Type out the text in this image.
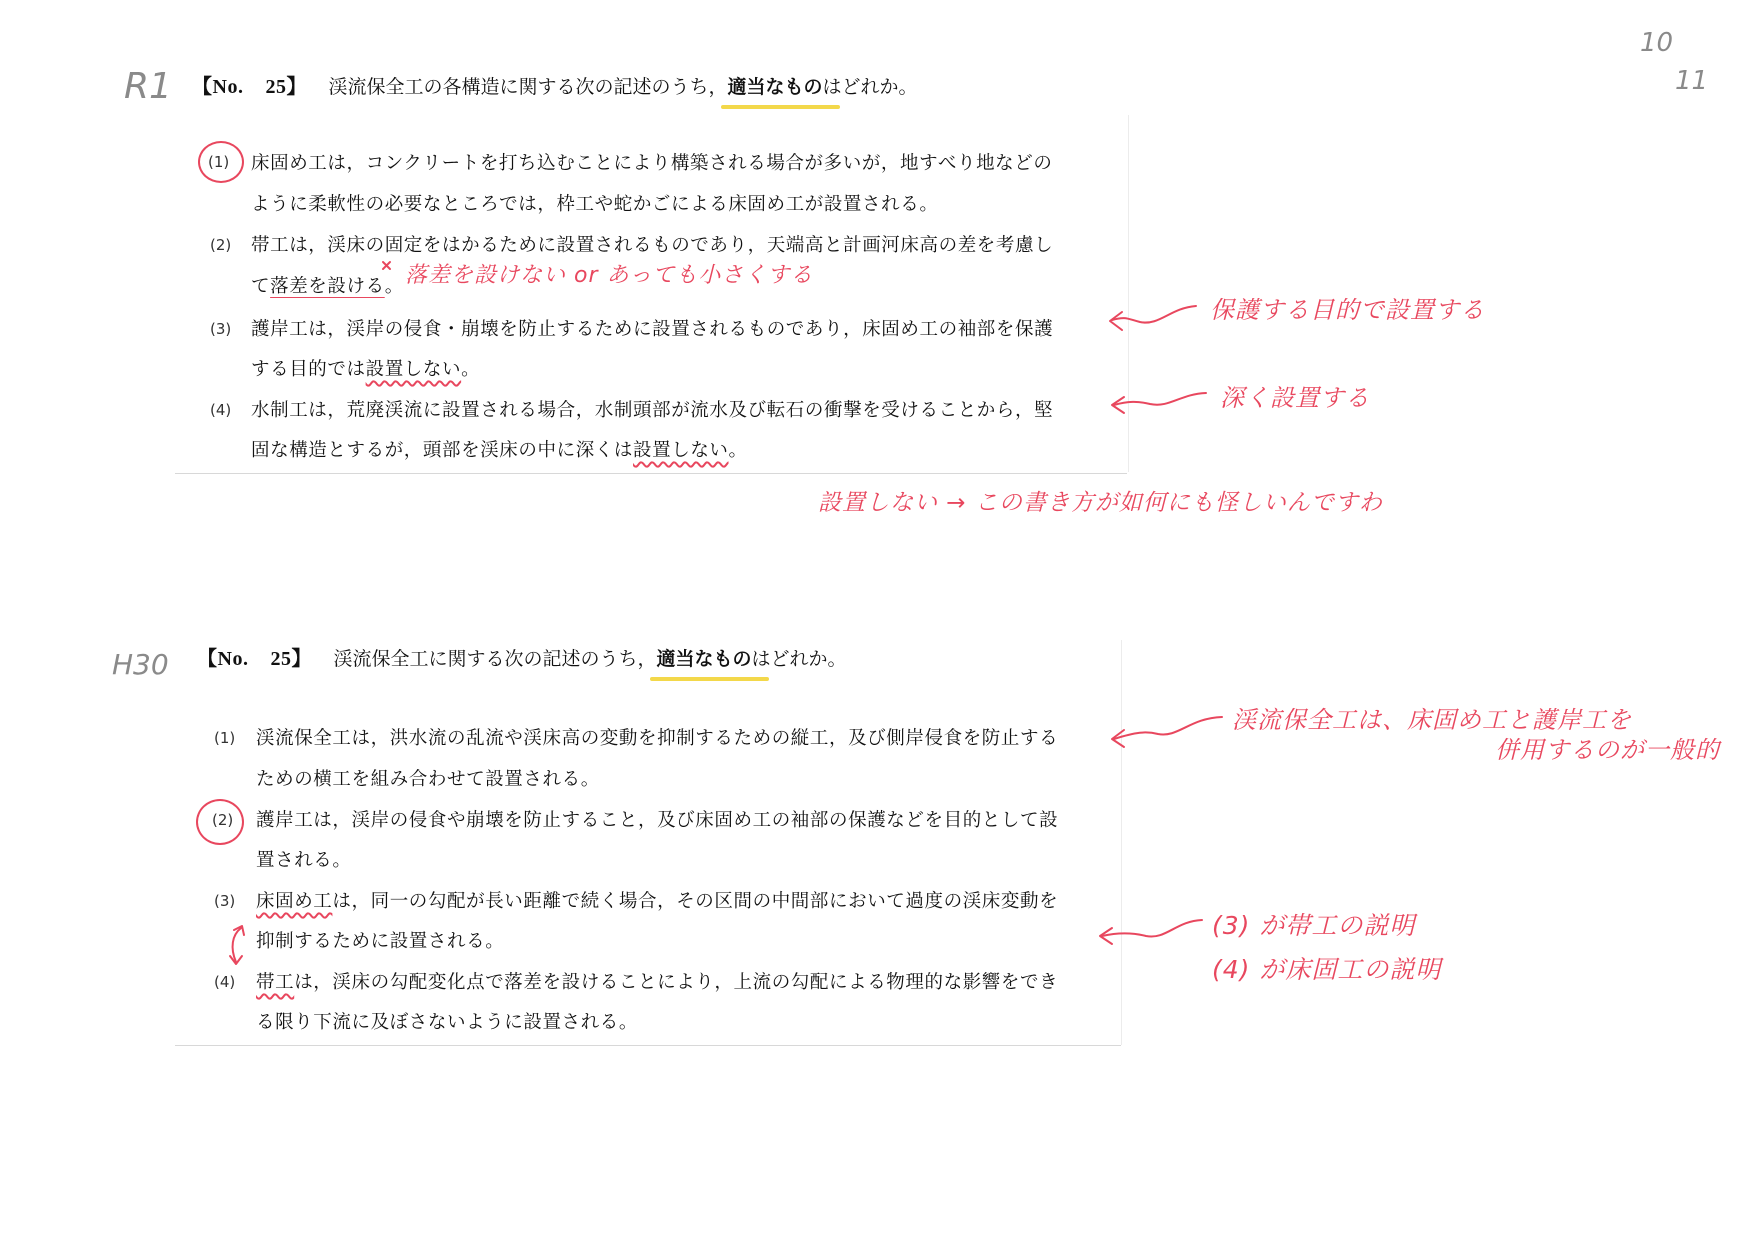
10
11
R1 【No. 25】 渓流保全工の各構造に関する次の記述のうち，適当なものはどれか。
(1) 床固め工は，コンクリートを打ち込むことにより構築される場合が多いが，地すべり地などの
ように柔軟性の必要なところでは，枠工や蛇かごによる床固め工が設置される。
(2) 帯工は，渓床の固定をはかるために設置されるものであり，天端高と計画河床高の差を考慮し
て落差を設ける。 落差を設けない or あっても小さくする
(3) 護岸工は，渓岸の侵食・崩壊を防止するために設置されるものであり，床固め工の袖部を保護
する目的では設置しない。
保護する目的で設置する
(4) 水制工は，荒廃渓流に設置される場合，水制頭部が流水及び転石の衝撃を受けることから，堅
固な構造とするが，頭部を渓床の中に深くは設置しない。
深く設置する
設置しない → この書き方が如何にも怪しいんですわ
H30 【No. 25】 渓流保全工に関する次の記述のうち，適当なものはどれか。
(1) 渓流保全工は，洪水流の乱流や渓床高の変動を抑制するための縦工，及び側岸侵食を防止する
ための横工を組み合わせて設置される。
渓流保全工は、床固め工と護岸工を
併用するのが一般的
(2) 護岸工は，渓岸の侵食や崩壊を防止すること，及び床固め工の袖部の保護などを目的として設
置される。
(3) 床固め工は，同一の勾配が長い距離で続く場合，その区間の中間部において過度の渓床変動を
抑制するために設置される。
(4) 帯工は，渓床の勾配変化点で落差を設けることにより，上流の勾配による物理的な影響をでき
る限り下流に及ぼさないように設置される。
(3) が帯工の説明
(4) が床固工の説明
